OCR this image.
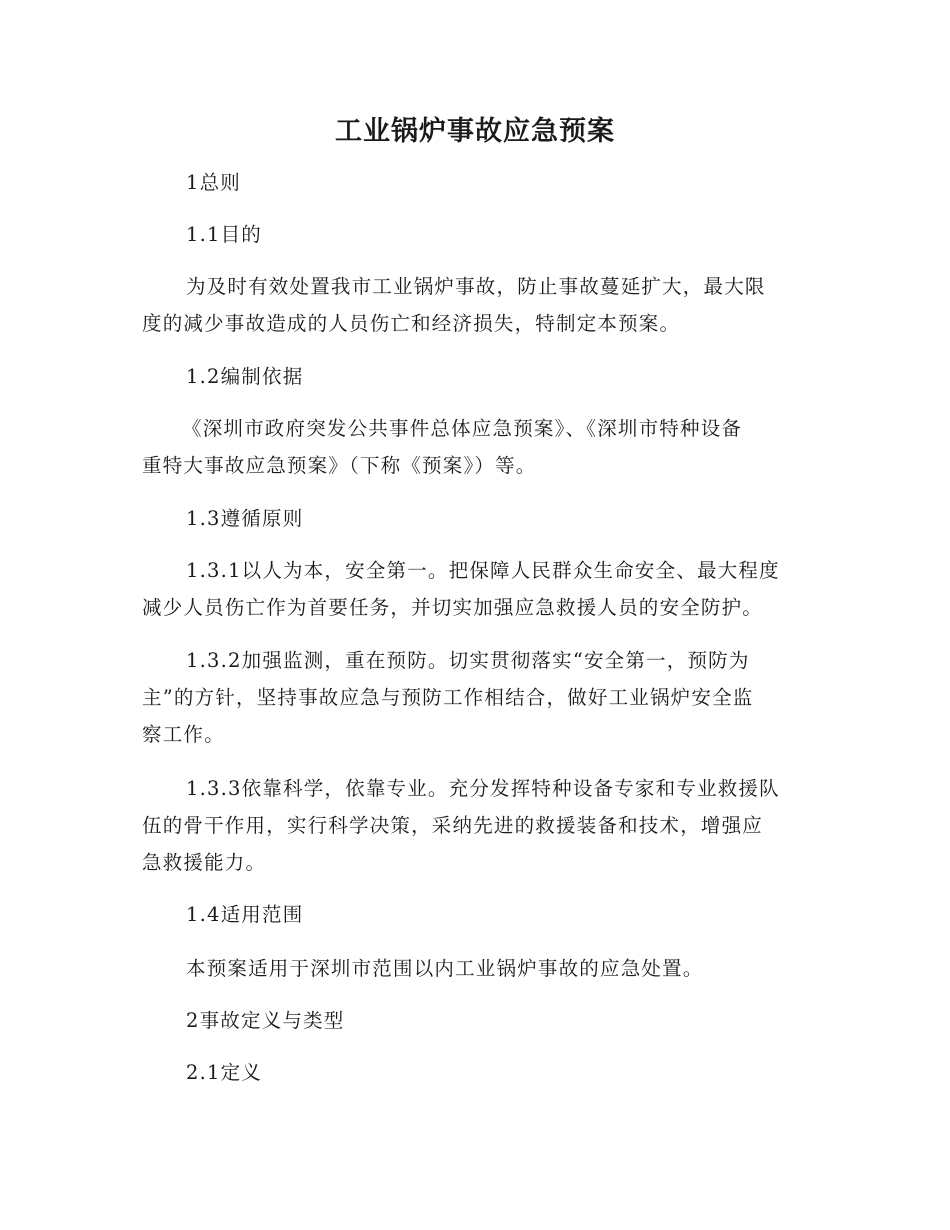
工业锅炉事故应急预案
1总则
1.1目的
为及时有效处置我市工业锅炉事故，防止事故蔓延扩大，最大限
度的减少事故造成的人员伤亡和经济损失，特制定本预案。
1.2编制依据
《深圳市政府突发公共事件总体应急预案》、《深圳市特种设备
重特大事故应急预案》（下称《预案》）等。
1.3遵循原则
1.3.1以人为本，安全第一。把保障人民群众生命安全、最大程度
减少人员伤亡作为首要任务，并切实加强应急救援人员的安全防护。
1.3.2加强监测，重在预防。切实贯彻落实“安全第一，预防为
主”的方针，坚持事故应急与预防工作相结合，做好工业锅炉安全监
察工作。
1.3.3依靠科学，依靠专业。充分发挥特种设备专家和专业救援队
伍的骨干作用，实行科学决策，采纳先进的救援装备和技术，增强应
急救援能力。
1.4适用范围
本预案适用于深圳市范围以内工业锅炉事故的应急处置。
2事故定义与类型
2.1定义
